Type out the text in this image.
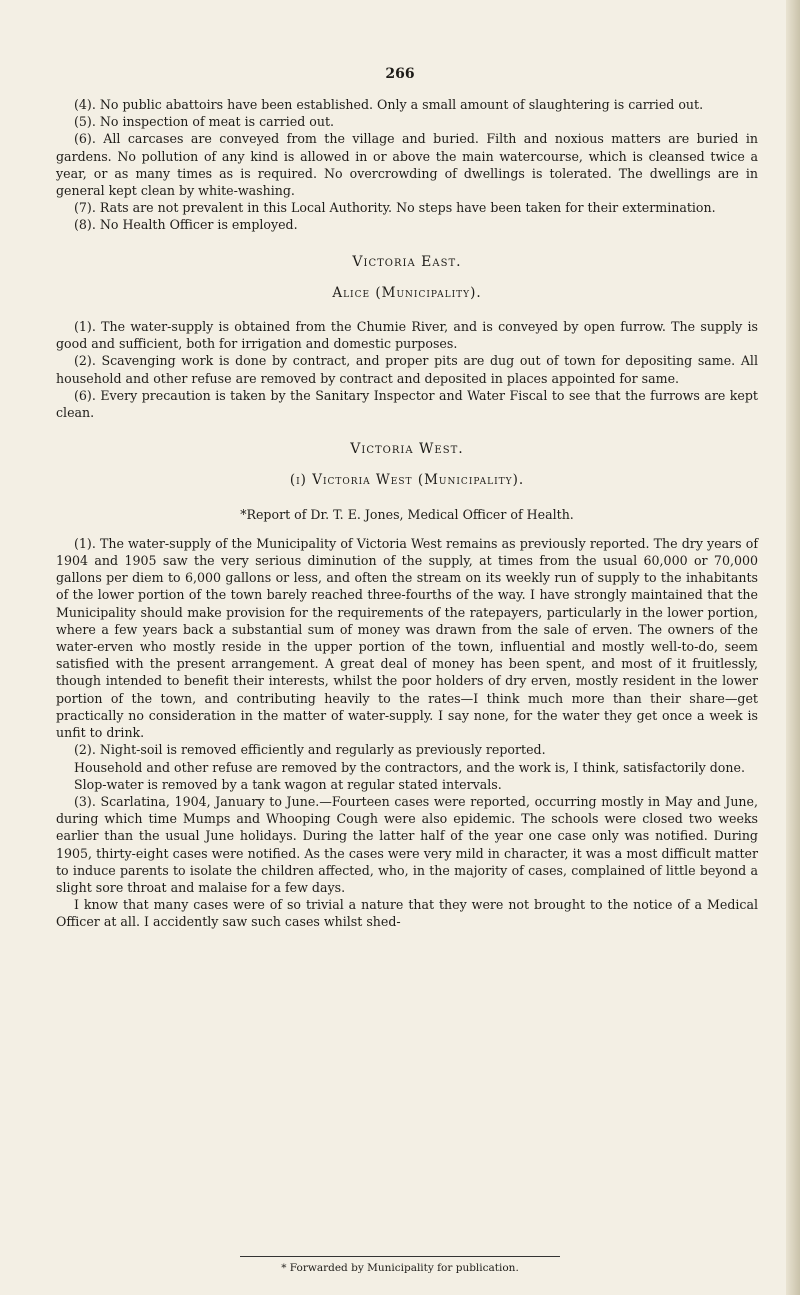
266

(4). No public abattoirs have been established. Only a small amount of slaughtering is carried out.

(5). No inspection of meat is carried out.

(6). All carcases are conveyed from the village and buried. Filth and noxious matters are buried in gardens. No pollution of any kind is allowed in or above the main watercourse, which is cleansed twice a year, or as many times as is required. No overcrowding of dwellings is tolerated. The dwellings are in general kept clean by white-washing.

(7). Rats are not prevalent in this Local Authority. No steps have been taken for their extermination.

(8). No Health Officer is employed.

Victoria East.
Alice (Municipality).

(1). The water-supply is obtained from the Chumie River, and is conveyed by open furrow. The supply is good and sufficient, both for irrigation and domestic purposes.

(2). Scavenging work is done by contract, and proper pits are dug out of town for depositing same. All household and other refuse are removed by contract and deposited in places appointed for same.

(6). Every precaution is taken by the Sanitary Inspector and Water Fiscal to see that the furrows are kept clean.

Victoria West.
(i) Victoria West (Municipality).

*Report of Dr. T. E. Jones, Medical Officer of Health.

(1). The water-supply of the Municipality of Victoria West remains as previously reported. The dry years of 1904 and 1905 saw the very serious diminution of the supply, at times from the usual 60,000 or 70,000 gallons per diem to 6,000 gallons or less, and often the stream on its weekly run of supply to the inhabitants of the lower portion of the town barely reached three-fourths of the way. I have strongly maintained that the Municipality should make provision for the requirements of the ratepayers, particularly in the lower portion, where a few years back a substantial sum of money was drawn from the sale of erven. The owners of the water-erven who mostly reside in the upper portion of the town, influential and mostly well-to-do, seem satisfied with the present arrangement. A great deal of money has been spent, and most of it fruitlessly, though intended to benefit their interests, whilst the poor holders of dry erven, mostly resident in the lower portion of the town, and contributing heavily to the rates—I think much more than their share—get practically no consideration in the matter of water-supply. I say none, for the water they get once a week is unfit to drink.

(2). Night-soil is removed efficiently and regularly as previously reported.

Household and other refuse are removed by the contractors, and the work is, I think, satisfactorily done.

Slop-water is removed by a tank wagon at regular stated intervals.

(3). Scarlatina, 1904, January to June.—Fourteen cases were reported, occurring mostly in May and June, during which time Mumps and Whooping Cough were also epidemic. The schools were closed two weeks earlier than the usual June holidays. During the latter half of the year one case only was notified. During 1905, thirty-eight cases were notified. As the cases were very mild in character, it was a most difficult matter to induce parents to isolate the children affected, who, in the majority of cases, complained of little beyond a slight sore throat and malaise for a few days.

I know that many cases were of so trivial a nature that they were not brought to the notice of a Medical Officer at all. I accidently saw such cases whilst shed-

* Forwarded by Municipality for publication.
